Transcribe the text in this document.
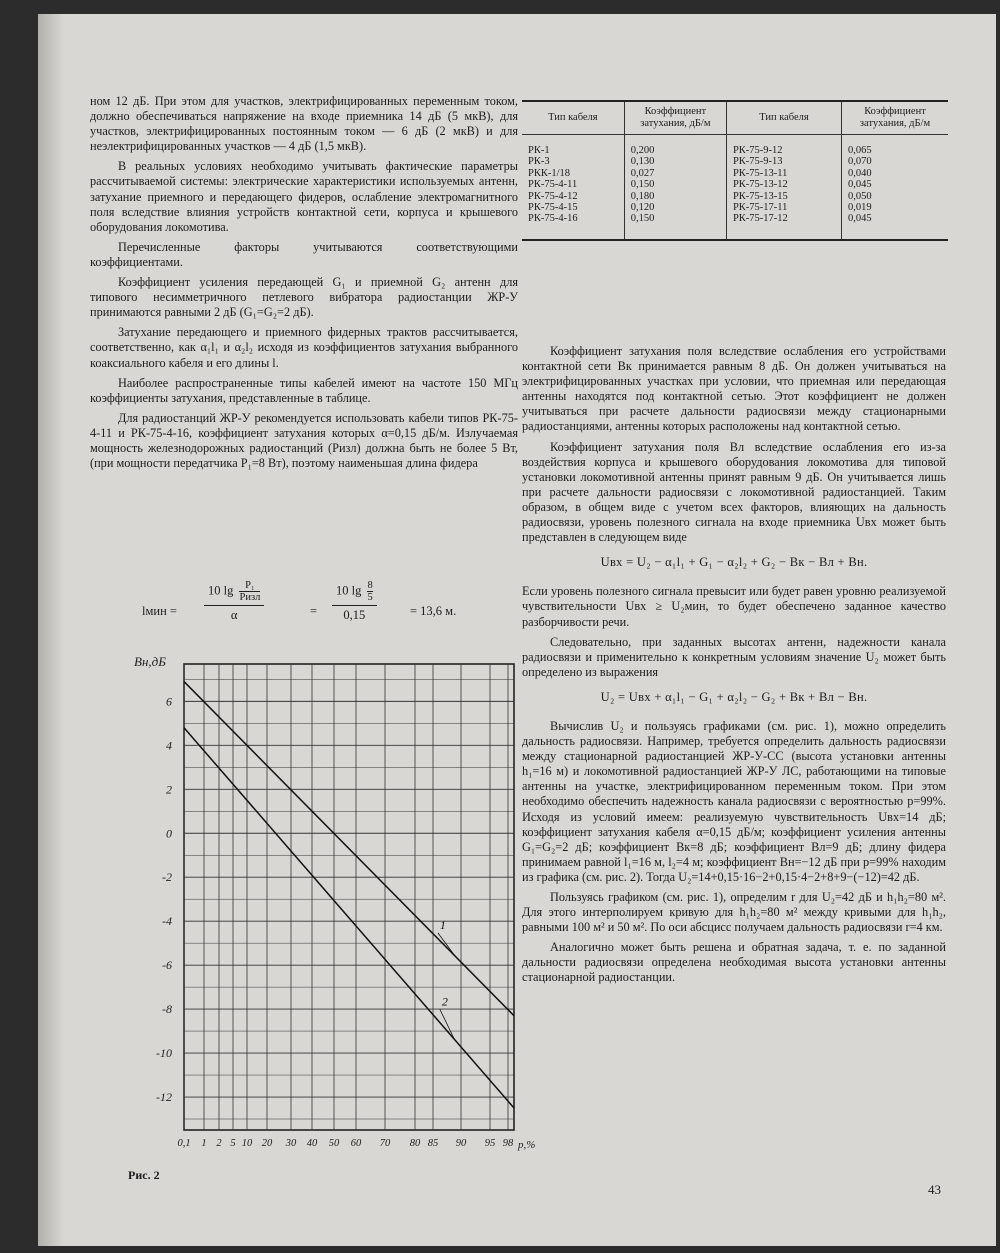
ном 12 дБ. При этом для участков, электрифицированных переменным током, должно обеспечиваться напряжение на входе приемника 14 дБ (5 мкВ), для участков, электрифицированных постоянным током — 6 дБ (2 мкВ) и для неэлектрифицированных участков — 4 дБ (1,5 мкВ).

В реальных условиях необходимо учитывать фактические параметры рассчитываемой системы: электрические характеристики используемых антенн, затухание приемного и передающего фидеров, ослабление электромагнитного поля вследствие влияния устройств контактной сети, корпуса и крышевого оборудования локомотива.

Перечисленные факторы учитываются соответствующими коэффициентами.

Коэффициент усиления передающей G₁ и приемной G₂ антенн для типового несимметричного петлевого вибратора радиостанции ЖР-У принимаются равными 2 дБ (G₁=G₂=2 дБ).

Затухание передающего и приемного фидерных трактов рассчитывается, соответственно, как α₁l₁ и α₂l₂ исходя из коэффициентов затухания выбранного коаксиального кабеля и его длины l.

Наиболее распространенные типы кабелей имеют на частоте 150 МГц коэффициенты затухания, представленные в таблице.

Для радиостанций ЖР-У рекомендуется использовать кабели типов РК-75-4-11 и РК-75-4-16, коэффициент затухания которых α=0,15 дБ/м. Излучаемая мощность железнодорожных радиостанций (Pизл) должна быть не более 5 Вт, (при мощности передатчика P₁=8 Вт), поэтому наименьшая длина фидера

lмин =
10 lg	P₁
Pизл
α	= $\frac{10 \lg \frac{8}{5}}{0,15}$	= 13,6 м.
Тип кабеля	Коэффициент затухания, дБ/м	Тип кабеля	Коэффициент затухания, дБ/м
РК-1	0,200	РК-75-9-12	0,065
РК-3	0,130	РК-75-9-13	0,070
РКК-1/18	0,027	РК-75-13-11	0,040
РК-75-4-11	0,150	РК-75-13-12	0,045
РК-75-4-12	0,180	РК-75-13-15	0,050
РК-75-4-15	0,120	РК-75-17-11	0,019
РК-75-4-16	0,150	РК-75-17-12	0,045

Коэффициент затухания поля вследствие ослабления его устройствами контактной сети Bк принимается равным 8 дБ. Он должен учитываться на электрифицированных участках при условии, что приемная или передающая антенны находятся под контактной сетью. Этот коэффициент не должен учитываться при расчете дальности радиосвязи между стационарными радиостанциями, антенны которых расположены над контактной сетью.

Коэффициент затухания поля Bл вследствие ослабления его из-за воздействия корпуса и крышевого оборудования локомотива для типовой установки локомотивной антенны принят равным 9 дБ. Он учитывается лишь при расчете дальности радиосвязи с локомотивной радиостанцией. Таким образом, в общем виде с учетом всех факторов, влияющих на дальность радиосвязи, уровень полезного сигнала на входе приемника Uвх может быть представлен в следующем виде

Uвх = U₂ − α₁l₁ + G₁ − α₂l₂ + G₂ − Bк − Bл + Bн.

Если уровень полезного сигнала превысит или будет равен уровню реализуемой чувствительности Uвх ≥ U₂мин, то будет обеспечено заданное качество разборчивости речи.

Следовательно, при заданных высотах антенн, надежности канала радиосвязи и применительно к конкретным условиям значение U₂ может быть определено из выражения

U₂ = Uвх + α₁l₁ − G₁ + α₂l₂ − G₂ + Bк + Bл − Bн.

Вычислив U₂ и пользуясь графиками (см. рис. 1), можно определить дальность радиосвязи. Например, требуется определить дальность радиосвязи между стационарной радиостанцией ЖР-У-СС (высота установки антенны h₁=16 м) и локомотивной радиостанцией ЖР-У ЛС, работающими на типовые антенны на участке, электрифицированном переменным током. При этом необходимо обеспечить надежность канала радиосвязи с вероятностью p=99%. Исходя из условий имеем: реализуемую чувствительность Uвх=14 дБ; коэффициент затухания кабеля α=0,15 дБ/м; коэффициент усиления антенны G₁=G₂=2 дБ; коэффициент Bк=8 дБ; коэффициент Bл=9 дБ; длину фидера принимаем равной l₁=16 м, l₂=4 м; коэффициент Bн=−12 дБ при p=99% находим из графика (см. рис. 2). Тогда U₂=14+0,15·16−2+0,15·4−2+8+9−(−12)=42 дБ.

Пользуясь графиком (см. рис. 1), определим r для U₂=42 дБ и h₁h₂=80 м². Для этого интерполируем кривую для h₁h₂=80 м² между кривыми для h₁h₂, равными 100 м² и 50 м². По оси абсцисс получаем дальность радиосвязи r=4 км.

Аналогично может быть решена и обратная задача, т. е. по заданной дальности радиосвязи определена необходимая высота установки антенны стационарной радиостанции.

6
4
2
0
-2
-4
-6
-8
-10
-12
0,1 1 2 5 10 20 30 40 50 60 70 80 85 90 95 98
Bн,дБ
p,%
1
2
Рис. 2
43
